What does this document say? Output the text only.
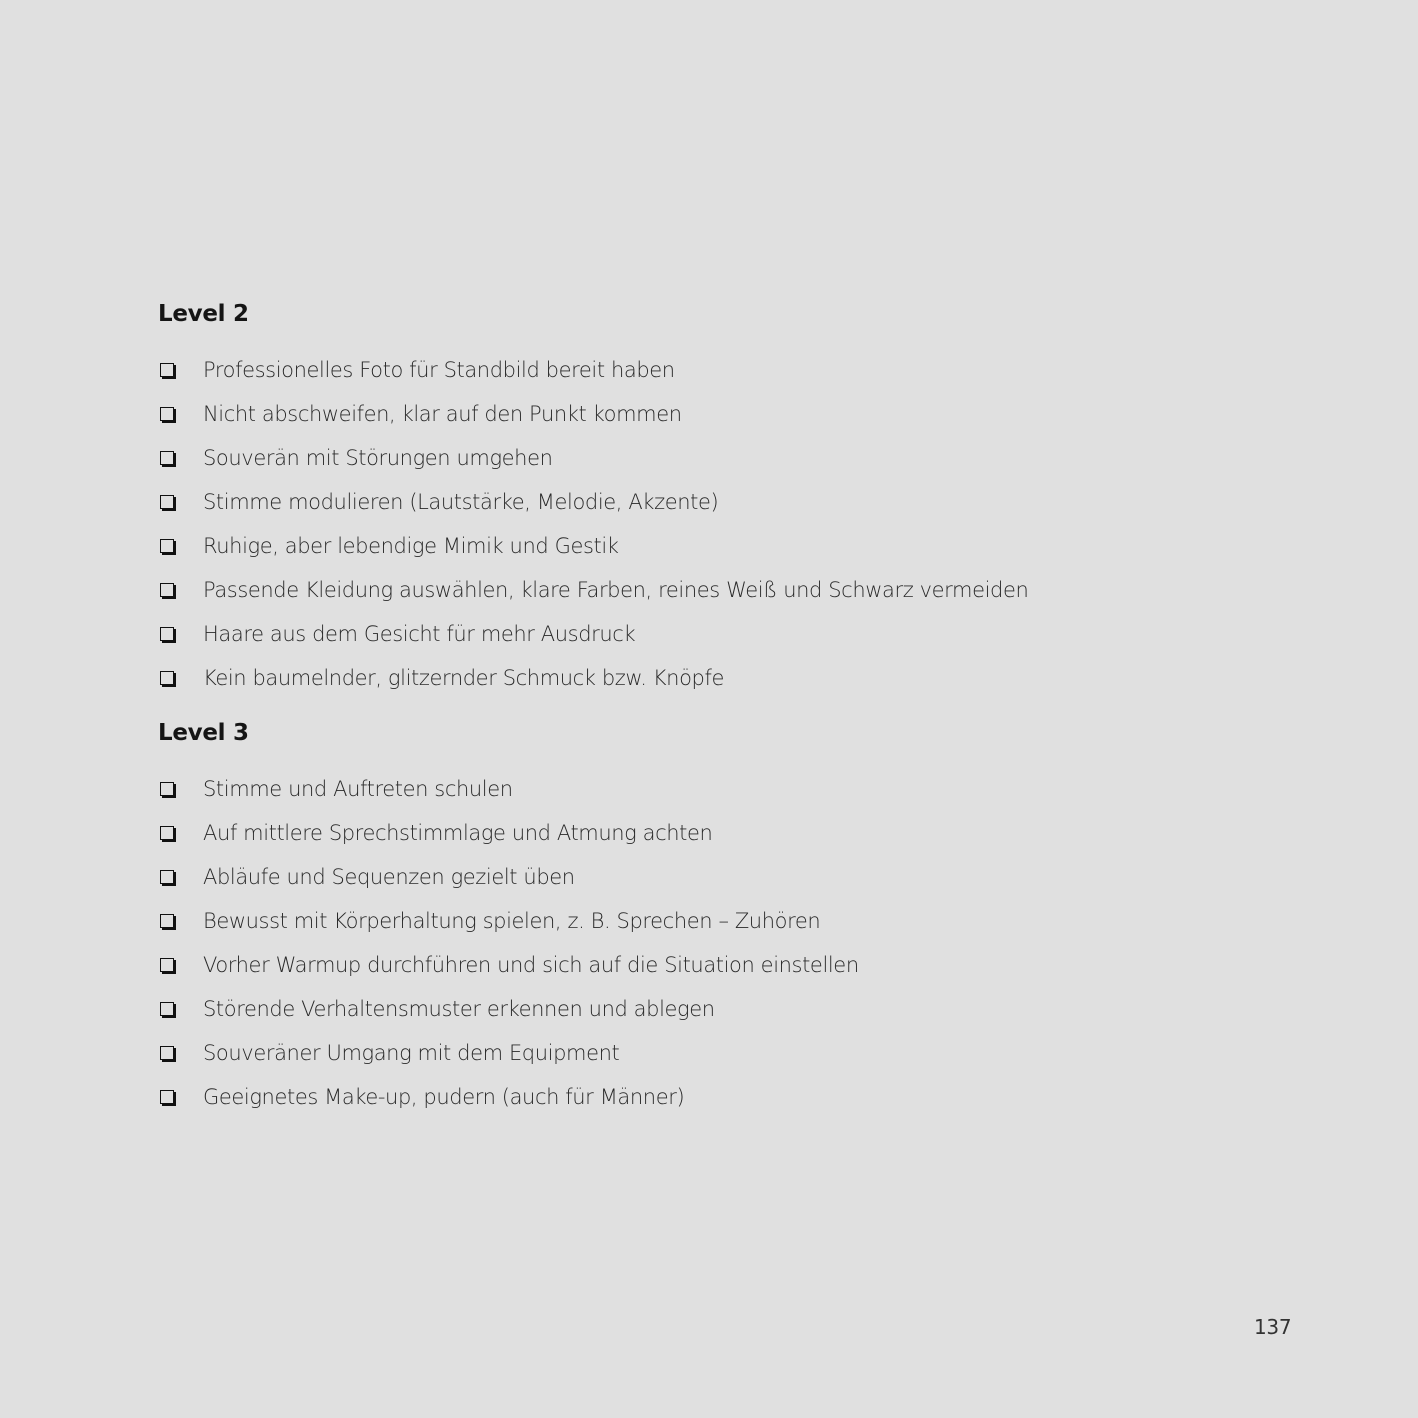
Level 2
Professionelles Foto für Standbild bereit haben
Nicht abschweifen, klar auf den Punkt kommen
Souverän mit Störungen umgehen
Stimme modulieren (Lautstärke, Melodie, Akzente)
Ruhige, aber lebendige Mimik und Gestik
Passende Kleidung auswählen, klare Farben, reines Weiß und Schwarz vermeiden
Haare aus dem Gesicht für mehr Ausdruck
Kein baumelnder, glitzernder Schmuck bzw. Knöpfe
Level 3
Stimme und Auftreten schulen
Auf mittlere Sprechstimmlage und Atmung achten
Abläufe und Sequenzen gezielt üben
Bewusst mit Körperhaltung spielen, z. B. Sprechen – Zuhören
Vorher Warmup durchführen und sich auf die Situation einstellen
Störende Verhaltensmuster erkennen und ablegen
Souveräner Umgang mit dem Equipment
Geeignetes Make-up, pudern (auch für Männer)
137
